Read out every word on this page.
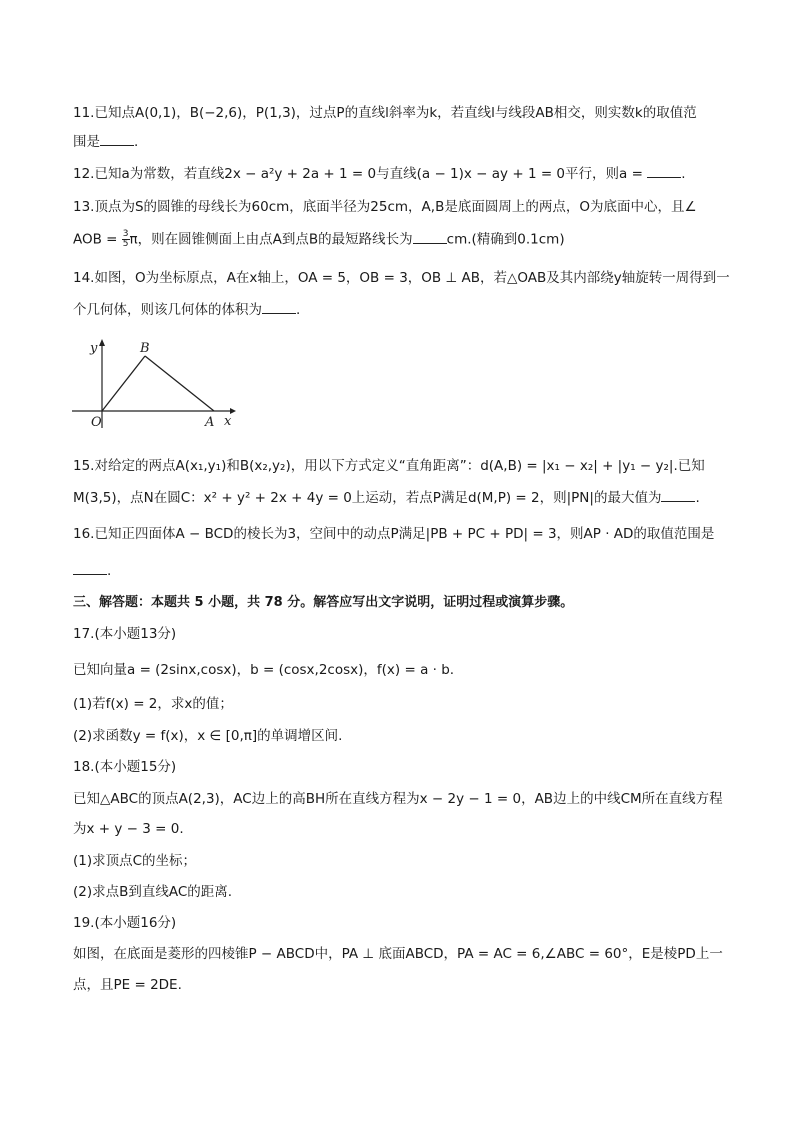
11.已知点A(0,1)，B(−2,6)，P(1,3)，过点P的直线l斜率为k，若直线l与线段AB相交，则实数k的取值范
围是	.
12.已知a为常数，若直线2x − a²y + 2a + 1 = 0与直线(a − 1)x − ay + 1 = 0平行，则a =	.
13.顶点为S的圆锥的母线长为60cm，底面半径为25cm，A,B是底面圆周上的两点，O为底面中心，且∠
AOB = $\frac{3}{5}$ π，则在圆锥侧面上由点A到点B的最短路线长为	cm.(精确到0.1cm)
14.如图，O为坐标原点，A在x轴上，OA = 5，OB = 3，OB ⊥ AB，若△OAB及其内部绕y轴旋转一周得到一
个几何体，则该几何体的体积为	.
y
x
B
O	A
15.对给定的两点A(x₁,y₁)和B(x₂,y₂)，用以下方式定义“直角距离”：d(A,B) = |x₁ − x₂| + |y₁ − y₂|.已知
M(3,5)，点N在圆C：x² + y² + 2x + 4y = 0上运动，若点P满足d(M,P) = 2，则|PN|的最大值为	.
16.已知正四面体A − BCD的棱长为3，空间中的动点P满足|PB + PC + PD| = 3，则AP · AD的取值范围是
.
三、解答题：本题共 5 小题，共 78 分。解答应写出文字说明，证明过程或演算步骤。
17.(本小题13分)
已知向量a = (2sinx,cosx)，b = (cosx,2cosx)，f(x) = a · b.
(1)若f(x) = 2，求x的值；
(2)求函数y = f(x)，x ∈ [0,π]的单调增区间.
18.(本小题15分)
已知△ABC的顶点A(2,3)，AC边上的高BH所在直线方程为x − 2y − 1 = 0，AB边上的中线CM所在直线方程
为x + y − 3 = 0.
(1)求顶点C的坐标；
(2)求点B到直线AC的距离.
19.(本小题16分)
如图，在底面是菱形的四棱锥P − ABCD中，PA ⊥ 底面ABCD，PA = AC = 6,∠ABC = 60°，E是棱PD上一
点，且PE = 2DE.
